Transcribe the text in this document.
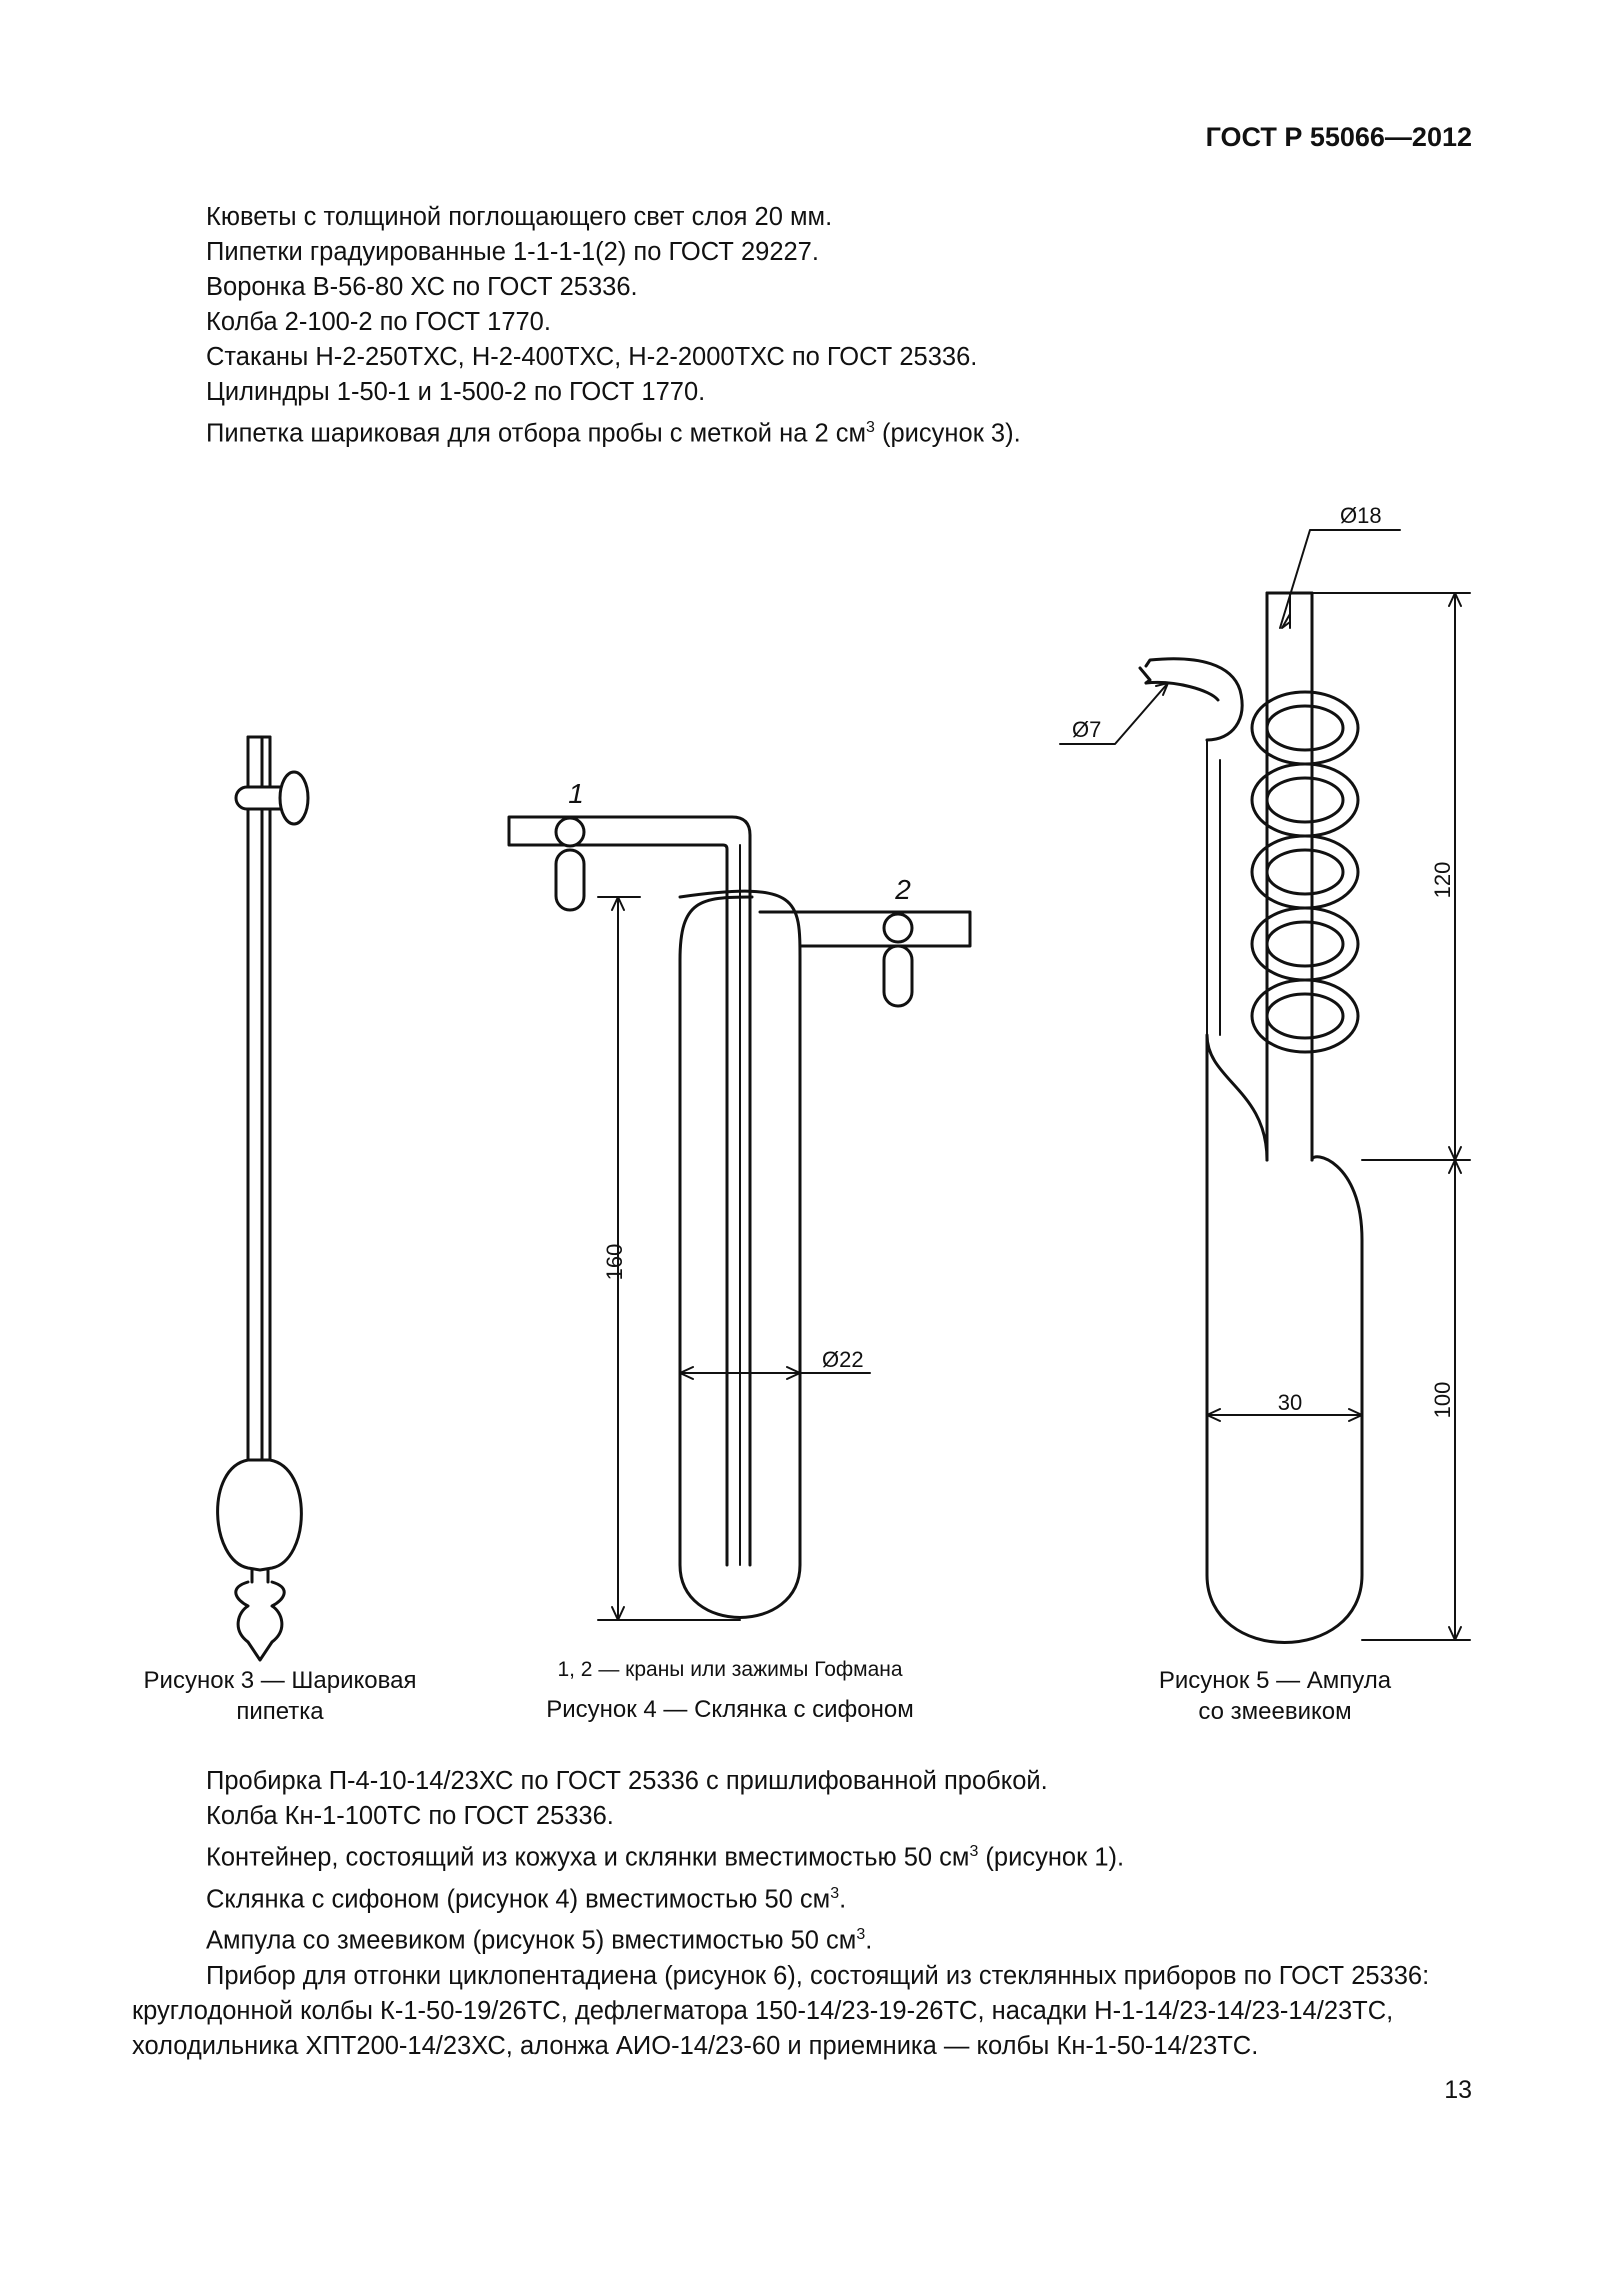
ГОСТ Р 55066—2012
Кюветы с толщиной поглощающего свет слоя 20 мм.
Пипетки градуированные 1-1-1-1(2) по ГОСТ 29227.
Воронка В-56-80 ХС по ГОСТ 25336.
Колба 2-100-2 по ГОСТ 1770.
Стаканы Н-2-250ТХС, Н-2-400ТХС, Н-2-2000ТХС по ГОСТ 25336.
Цилиндры 1-50-1 и 1-500-2 по ГОСТ 1770.
Пипетка шариковая для отбора пробы с меткой на 2 $см^3$ (рисунок 3).
1
2
160
Ø22
Ø18
Ø7
120
100
30
Рисунок 3 — Шариковая
пипетка
1, 2 — краны или зажимы Гофмана
Рисунок 4 — Склянка с сифоном
Рисунок 5 — Ампула
со змеевиком
Пробирка П-4-10-14/23ХС по ГОСТ 25336 с пришлифованной пробкой.
Колба Кн-1-100ТС по ГОСТ 25336.
Контейнер, состоящий из кожуха и склянки вместимостью 50 $см^3$ (рисунок 1).
Склянка с сифоном (рисунок 4) вместимостью 50 $см^3$.
Ампула со змеевиком (рисунок 5) вместимостью 50 $см^3$.
Прибор для отгонки циклопентадиена (рисунок 6), состоящий из стеклянных приборов по ГОСТ 25336:
круглодонной колбы К-1-50-19/26ТС, дефлегматора 150-14/23-19-26ТС, насадки Н-1-14/23-14/23-14/23ТС,
холодильника ХПТ200-14/23ХС, алонжа АИО-14/23-60 и приемника — колбы Кн-1-50-14/23ТС.
13
